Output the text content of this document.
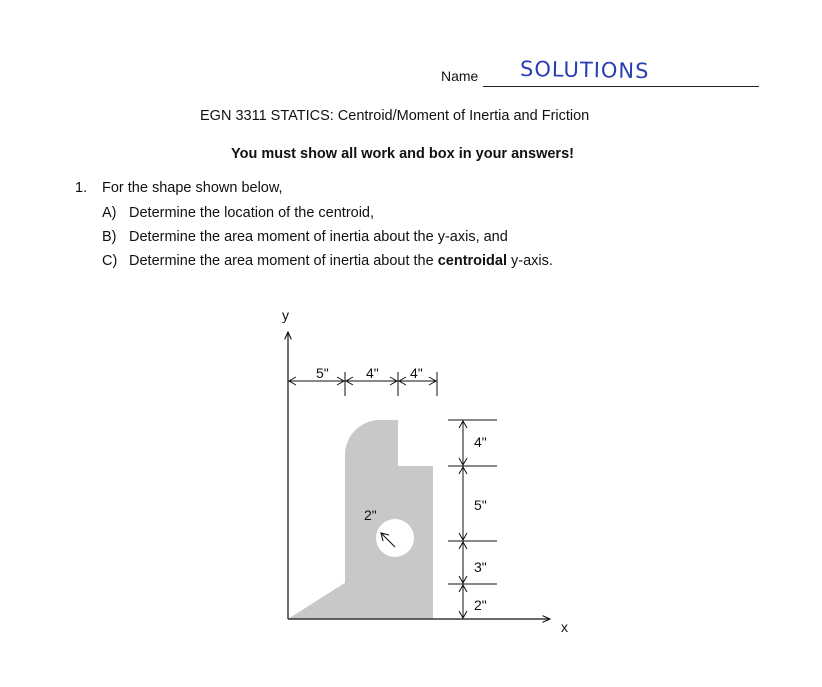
Name SOLUTIONS
EGN 3311 STATICS: Centroid/Moment of Inertia and Friction
You must show all work and box in your answers!
1. For the shape shown below,
A) Determine the location of the centroid,
B) Determine the area moment of inertia about the y-axis, and
C) Determine the area moment of inertia about the centroidal y-axis.
y
x
5"	4" 4"
4"
5"
3"
2"
2"
